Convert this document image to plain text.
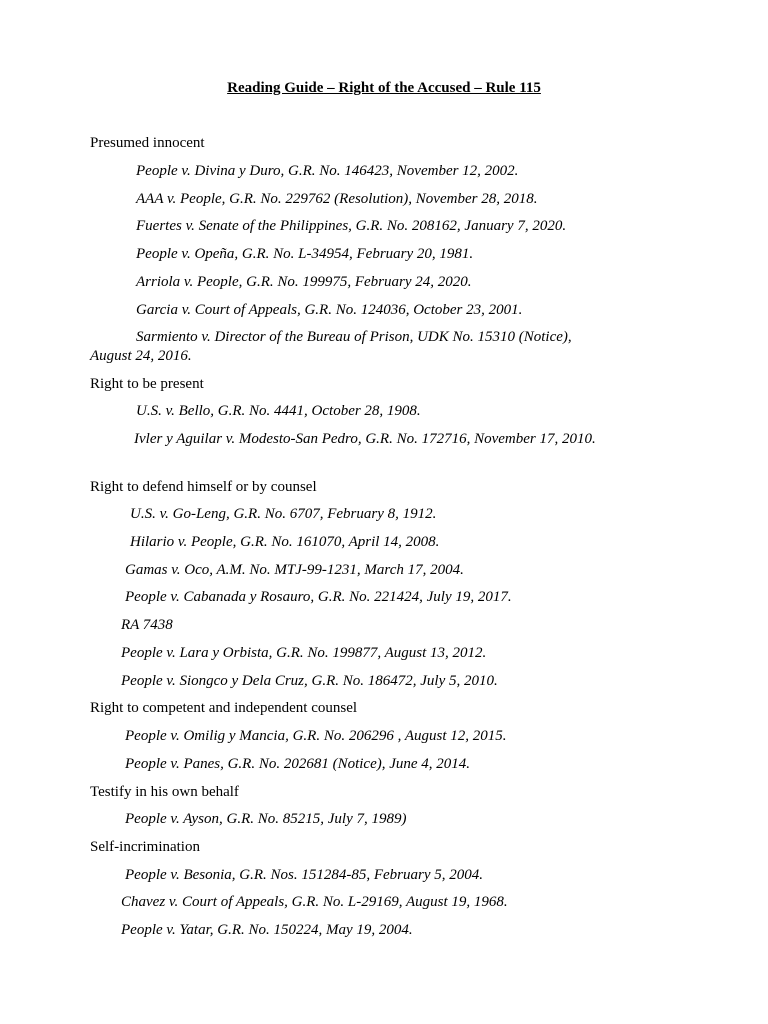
Reading Guide – Right of the Accused – Rule 115
Presumed innocent
People v. Divina y Duro, G.R. No. 146423, November 12, 2002.
AAA v. People, G.R. No. 229762 (Resolution), November 28, 2018.
Fuertes v. Senate of the Philippines, G.R. No. 208162, January 7, 2020.
People v. Opeña, G.R. No. L-34954, February 20, 1981.
Arriola v. People, G.R. No. 199975, February 24, 2020.
Garcia v. Court of Appeals, G.R. No. 124036, October 23, 2001.
Sarmiento v. Director of the Bureau of Prison, UDK No. 15310 (Notice),
August 24, 2016.
Right to be present
U.S. v. Bello, G.R. No. 4441, October 28, 1908.
Ivler y Aguilar v. Modesto-San Pedro, G.R. No. 172716, November 17, 2010.
Right to defend himself or by counsel
U.S. v. Go-Leng, G.R. No. 6707, February 8, 1912.
Hilario v. People, G.R. No. 161070, April 14, 2008.
Gamas v. Oco, A.M. No. MTJ-99-1231, March 17, 2004.
People v. Cabanada y Rosauro, G.R. No. 221424, July 19, 2017.
RA 7438
People v. Lara y Orbista, G.R. No. 199877, August 13, 2012.
People v. Siongco y Dela Cruz, G.R. No. 186472, July 5, 2010.
Right to competent and independent counsel
People v. Omilig y Mancia, G.R. No. 206296 , August 12, 2015.
People v. Panes, G.R. No. 202681 (Notice), June 4, 2014.
Testify in his own behalf
People v. Ayson, G.R. No. 85215, July 7, 1989)
Self-incrimination
People v. Besonia, G.R. Nos. 151284-85, February 5, 2004.
Chavez v. Court of Appeals, G.R. No. L-29169, August 19, 1968.
People v. Yatar, G.R. No. 150224, May 19, 2004.
